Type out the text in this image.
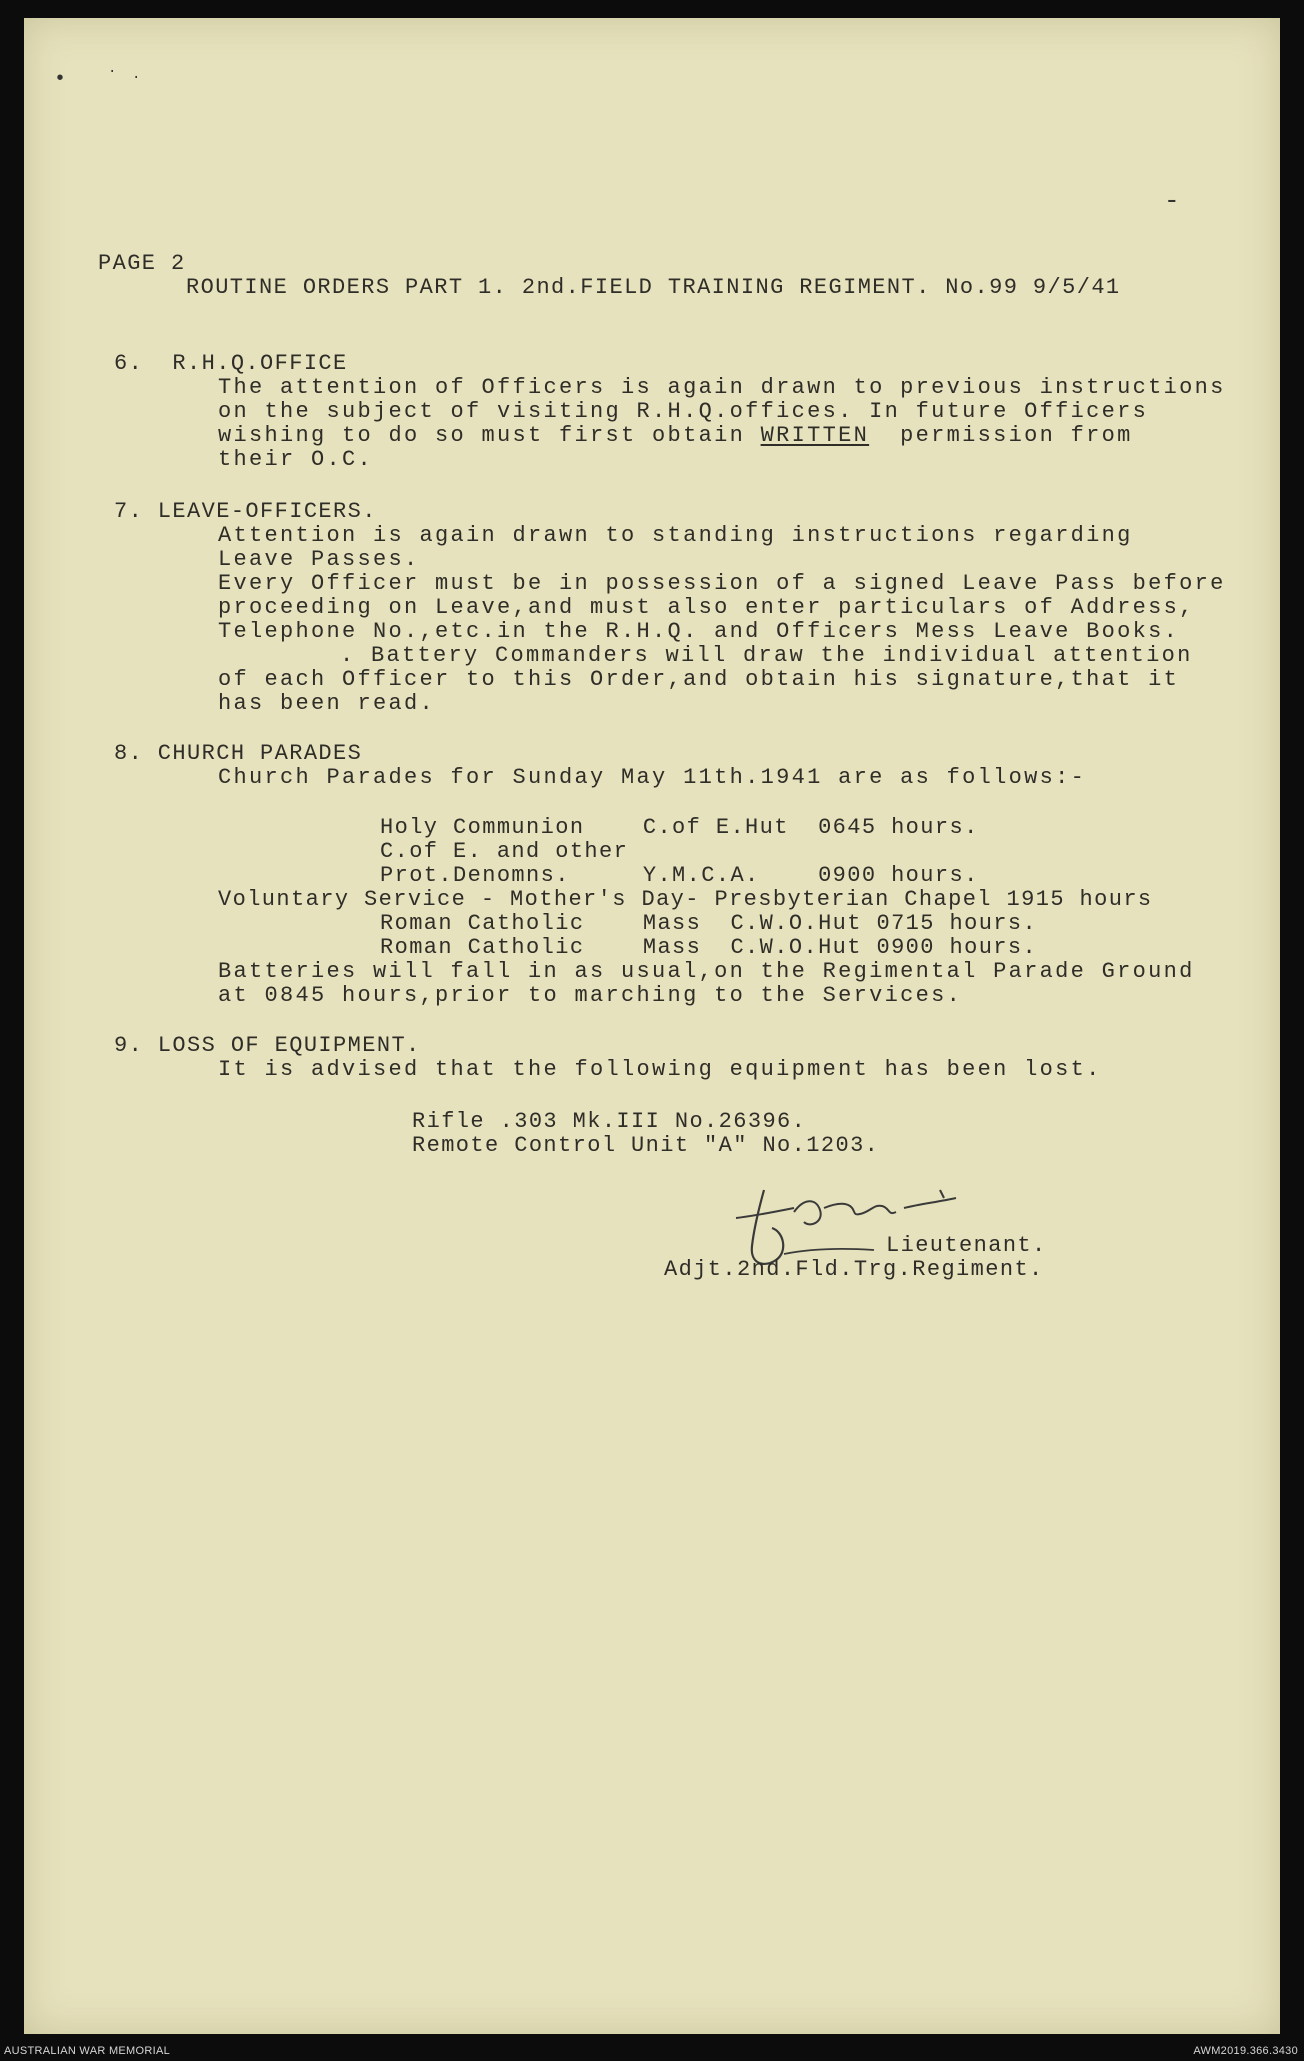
•	· ·
‑
PAGE 2
ROUTINE ORDERS PART 1. 2nd.FIELD TRAINING REGIMENT. No.99 9/5/41
6.  R.H.Q.OFFICE
The attention of Officers is again drawn to previous instructions
on the subject of visiting R.H.Q.offices. In future Officers
wishing to do so must first obtain WRITTEN permission from
their O.C.
7. LEAVE-OFFICERS.
Attention is again drawn to standing instructions regarding
Leave Passes.
Every Officer must be in possession of a signed Leave Pass before
proceeding on Leave,and must also enter particulars of Address,
Telephone No.,etc.in the R.H.Q. and Officers Mess Leave Books.
. Battery Commanders will draw the individual attention
of each Officer to this Order,and obtain his signature,that it
has been read.
8. CHURCH PARADES
Church Parades for Sunday May 11th.1941 are as follows:-
Holy Communion    C.of E.Hut  0645 hours.
C.of E. and other
Prot.Denomns.     Y.M.C.A.    0900 hours.
Voluntary Service - Mother's Day- Presbyterian Chapel 1915 hours
Roman Catholic    Mass  C.W.O.Hut 0715 hours.
Roman Catholic    Mass  C.W.O.Hut 0900 hours.
Batteries will fall in as usual,on the Regimental Parade Ground
at 0845 hours,prior to marching to the Services.
9. LOSS OF EQUIPMENT.
It is advised that the following equipment has been lost.
Rifle .303 Mk.III No.26396.
Remote Control Unit "A" No.1203.
Lieutenant.
Adjt.2nd.Fld.Trg.Regiment.
AUSTRALIAN WAR MEMORIAL	AWM2019.366.3430
